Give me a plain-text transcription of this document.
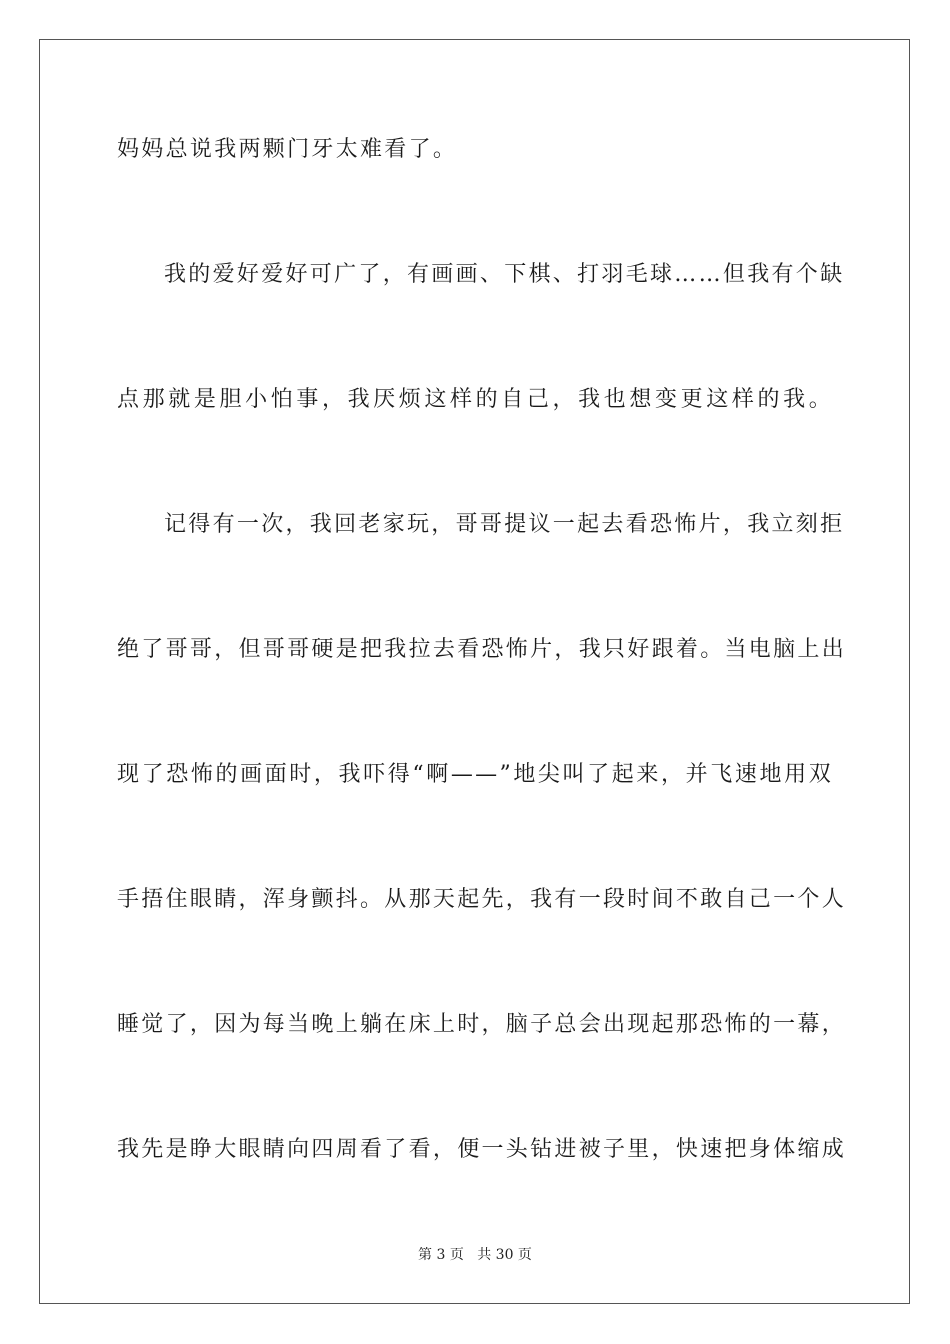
妈妈总说我两颗门牙太难看了。
我的爱好爱好可广了，有画画、下棋、打羽毛球……但我有个缺
点那就是胆小怕事，我厌烦这样的自己，我也想变更这样的我。
记得有一次，我回老家玩，哥哥提议一起去看恐怖片，我立刻拒
绝了哥哥，但哥哥硬是把我拉去看恐怖片，我只好跟着。当电脑上出
现了恐怖的画面时，我吓得“啊——”地尖叫了起来，并飞速地用双
手捂住眼睛，浑身颤抖。从那天起先，我有一段时间不敢自己一个人
睡觉了，因为每当晚上躺在床上时，脑子总会出现起那恐怖的一幕，
我先是睁大眼睛向四周看了看，便一头钻进被子里，快速把身体缩成
第 3 页 共 30 页
